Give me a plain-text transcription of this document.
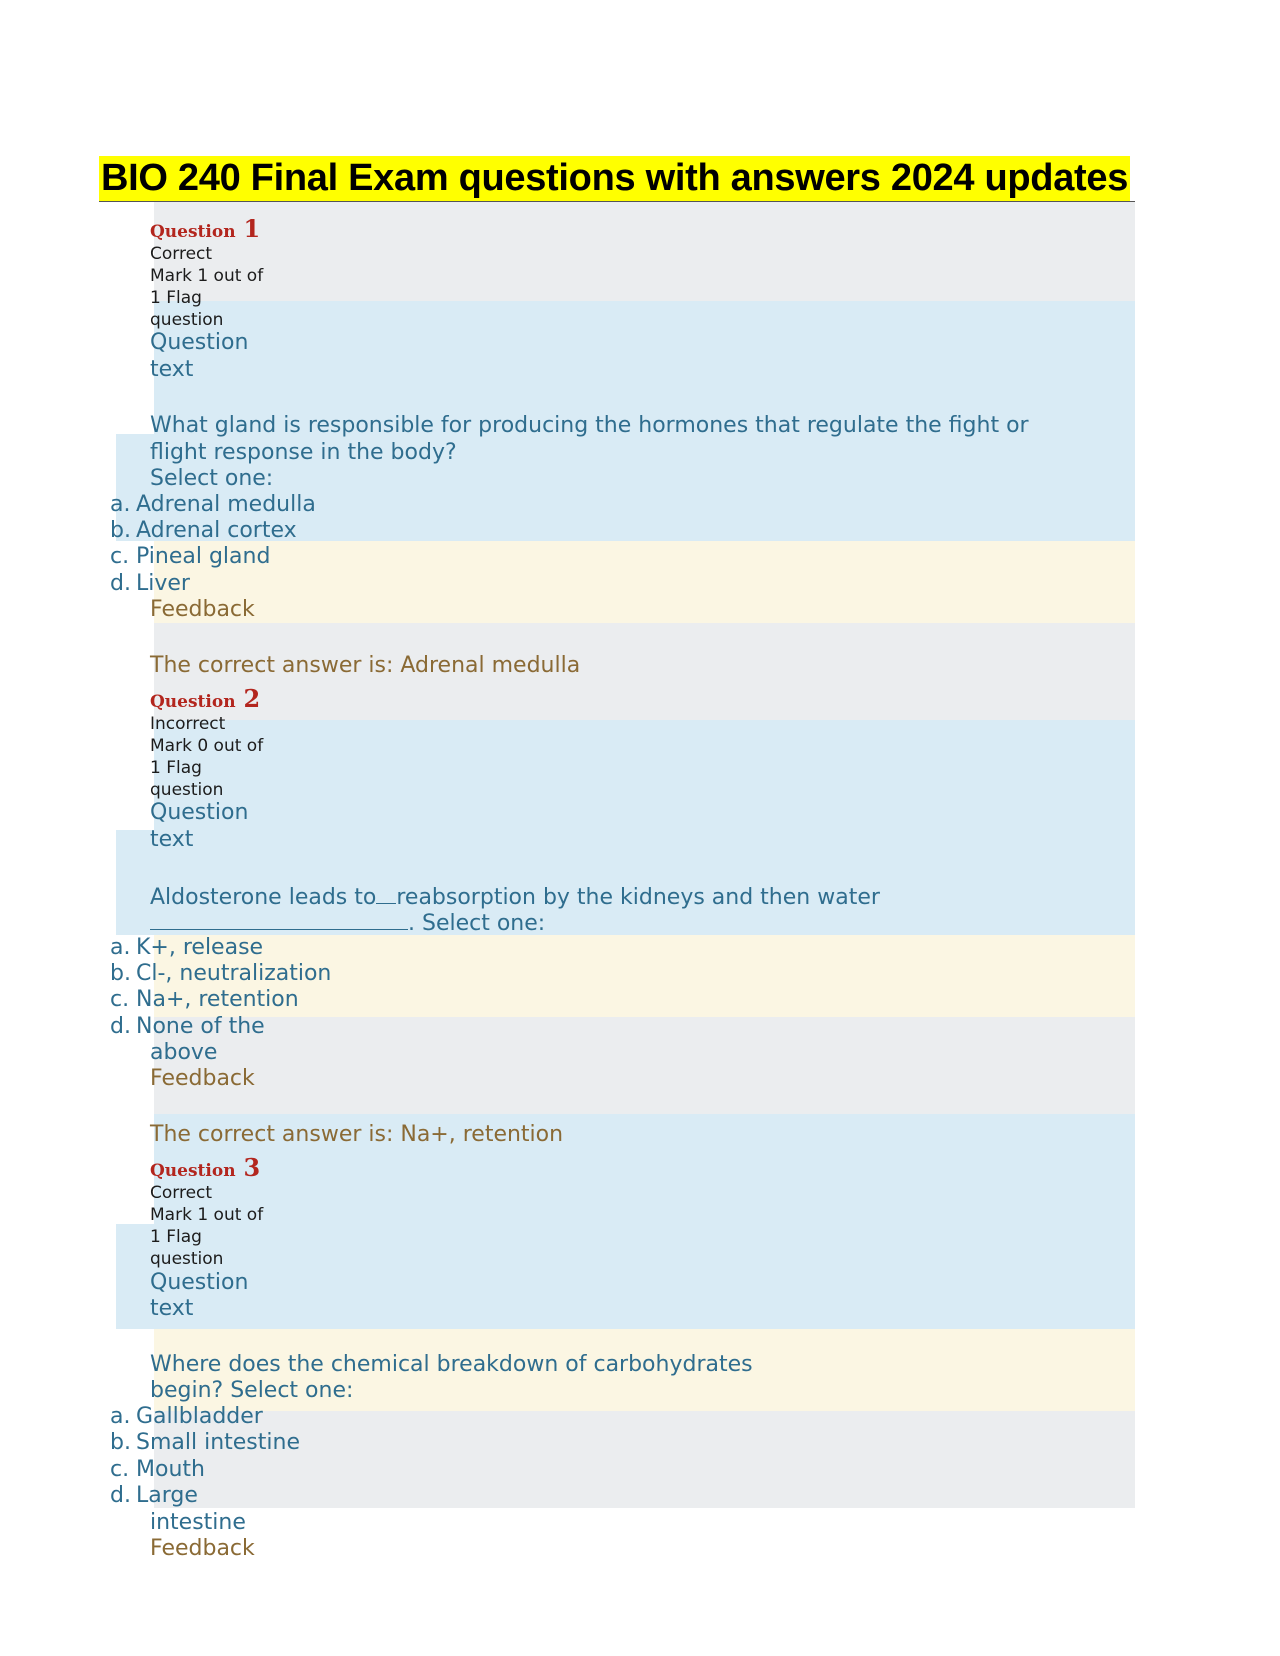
BIO 240 Final Exam questions with answers 2024 updates
Question 1
Correct
Mark 1 out of
1 Flag
question
Question
text
What gland is responsible for producing the hormones that regulate the fight or
flight response in the body?
Select one:
a. Adrenal medulla
b. Adrenal cortex
c. Pineal gland
d. Liver
Feedback
The correct answer is: Adrenal medulla
Question 2
Incorrect
Mark 0 out of
1 Flag
question
Question
text
Aldosterone leads to reabsorption by the kidneys and then water
. Select one:
a. K+, release
b. Cl-, neutralization
c. Na+, retention
d. None of the
above
Feedback
The correct answer is: Na+, retention
Question 3
Correct
Mark 1 out of
1 Flag
question
Question
text
Where does the chemical breakdown of carbohydrates
begin? Select one:
a. Gallbladder
b. Small intestine
c. Mouth
d. Large
intestine
Feedback
